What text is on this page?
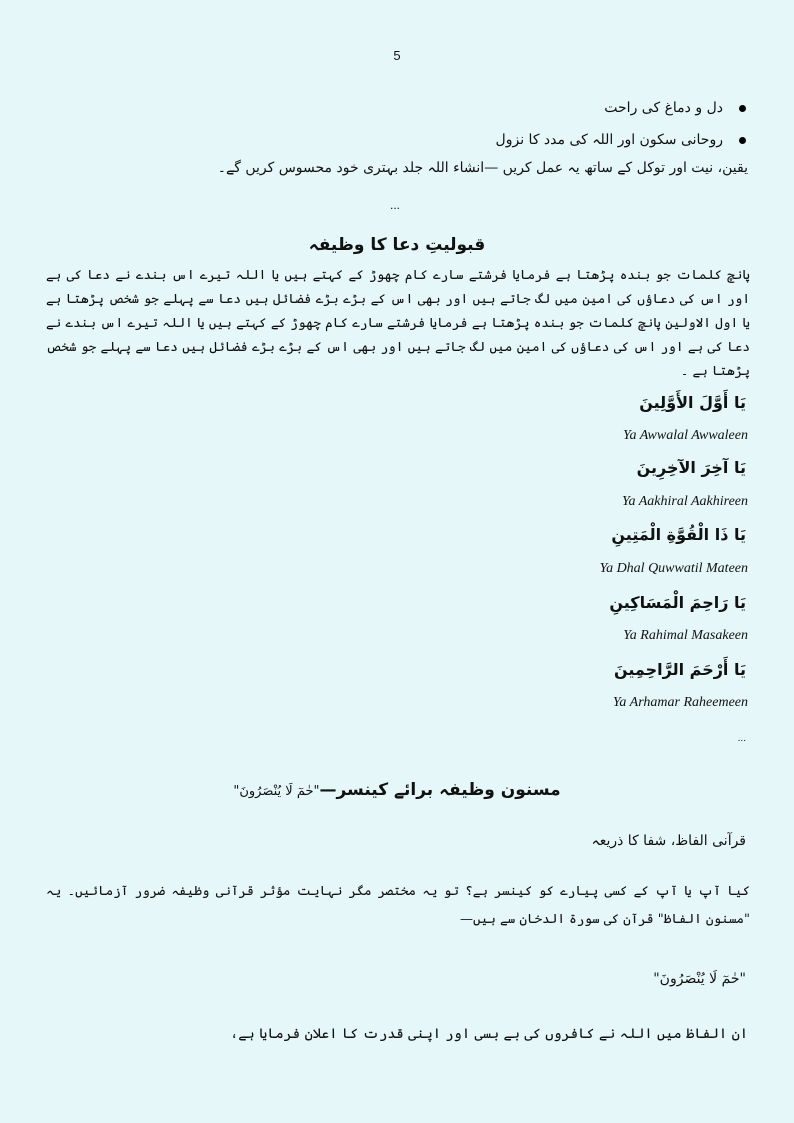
5
دل و دماغ کی راحت
روحانی سکون اور اللہ کی مدد کا نزول
یقین، نیت اور توکل کے ساتھ یہ عمل کریں —انشاء اللہ جلد بہتری خود محسوس کریں گے۔
...
قبولیتِ دعا کا وظیفہ
پانچ کلمات جو بندہ پڑھتا ہے فرمایا فرشتے سارے کام چھوڑ کے کہتے ہیں یا اللہ تیرے اس بندے نے دعا کی ہے اور اس کی دعاؤں کی امین میں لگ جاتے ہیں اور بھی اس کے بڑے بڑے فضائل ہیں دعا سے پہلے جو شخص پڑھتا ہے یا اول الاولین پانچ کلمات جو بندہ پڑھتا ہے فرمایا فرشتے سارے کام چھوڑ کے کہتے ہیں یا اللہ تیرے اس بندے نے دعا کی ہے اور اس کی دعاؤں کی امین میں لگ جاتے ہیں اور بھی اس کے بڑے بڑے فضائل ہیں دعا سے پہلے جو شخص پڑھتا ہے ۔
يَا أَوَّلَ الأَوَّلِينَ
Ya Awwalal Awwaleen
يَا آخِرَ الآخِرِينَ
Ya Aakhiral Aakhireen
يَا ذَا الْقُوَّةِ الْمَتِينِ
Ya Dhal Quwwatil Mateen
يَا رَاحِمَ الْمَسَاكِينِ
Ya Rahimal Masakeen
يَا أَرْحَمَ الرَّاحِمِينَ
Ya Arhamar Raheemeen
...
مسنون وظیفہ برائے کینسر—"حٰمٓ لَا يُنْصَرُونَ"
قرآنی الفاظ، شفا کا ذریعہ
کیا آپ یا آپ کے کسی پیارے کو کینسر ہے؟ تو یہ مختصر مگر نہایت مؤثر قرآنی وظیفہ ضرور آزمائیں۔ یہ "مسنون الفاظ" قرآن کی سورۃ الدخان سے ہیں—
"حٰمٓ لَا يُنْصَرُونَ"
ان الفاظ میں اللہ نے کافروں کی بے بسی اور اپنی قدرت کا اعلان فرمایا ہے،
